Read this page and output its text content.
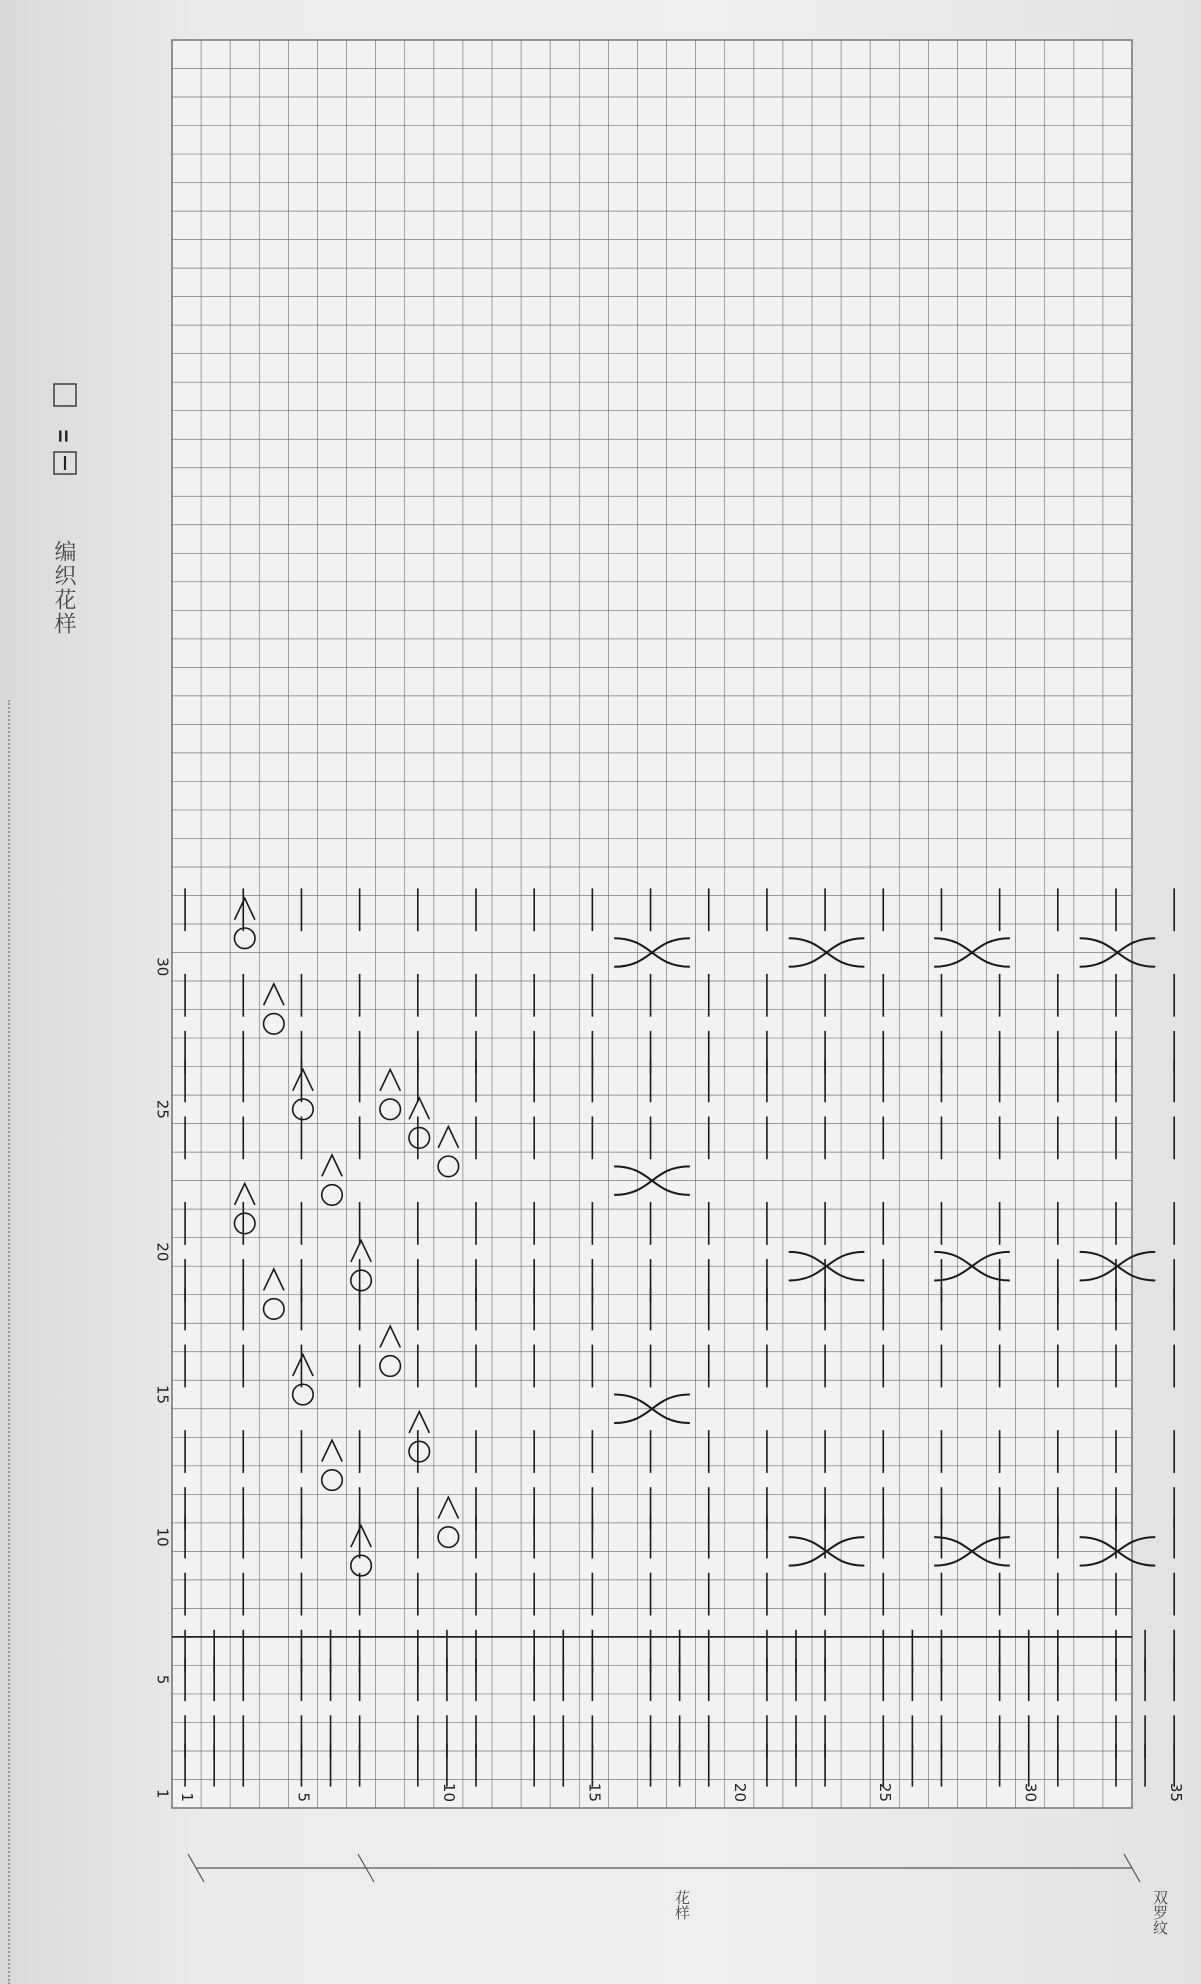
1
5
10
15
20
25
30
1	5	10	15	20	25	30	35
=
编织花样
双罗纹
花样
